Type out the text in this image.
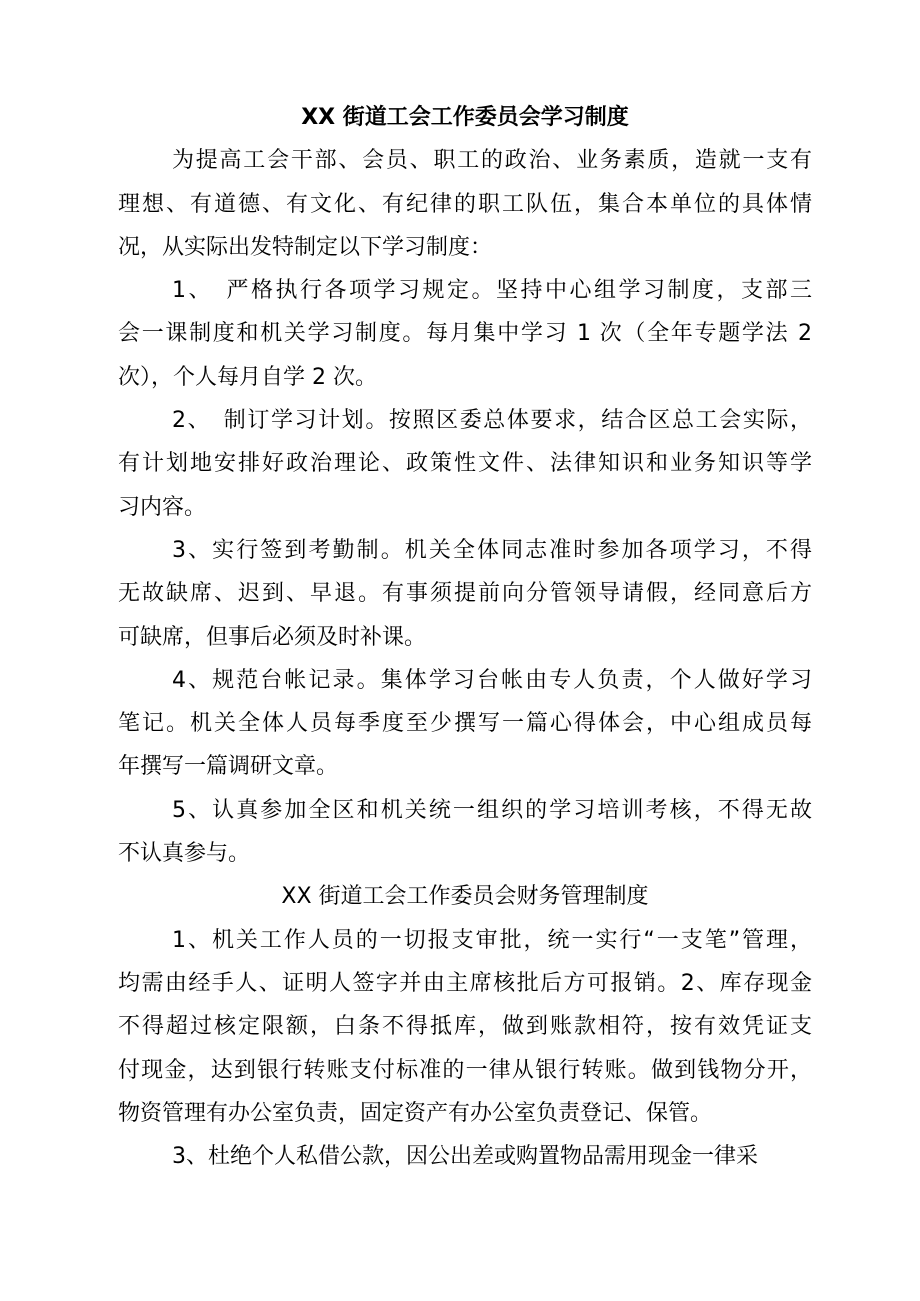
XX 街道工会工作委员会学习制度
为提高工会干部、会员、职工的政治、业务素质，造就一支有
理想、有道德、有文化、有纪律的职工队伍，集合本单位的具体情
况，从实际出发特制定以下学习制度：
1、　严格执行各项学习规定。坚持中心组学习制度，支部三
会一课制度和机关学习制度。每月集中学习 1 次（全年专题学法 2
次），个人每月自学 2 次。
2、　制订学习计划。按照区委总体要求，结合区总工会实际，
有计划地安排好政治理论、政策性文件、法律知识和业务知识等学
习内容。
3、实行签到考勤制。机关全体同志准时参加各项学习，不得
无故缺席、迟到、早退。有事须提前向分管领导请假，经同意后方
可缺席，但事后必须及时补课。
4、规范台帐记录。集体学习台帐由专人负责，个人做好学习
笔记。机关全体人员每季度至少撰写一篇心得体会，中心组成员每
年撰写一篇调研文章。
5、认真参加全区和机关统一组织的学习培训考核，不得无故
不认真参与。
XX 街道工会工作委员会财务管理制度
1、机关工作人员的一切报支审批，统一实行“一支笔”管理，
均需由经手人、证明人签字并由主席核批后方可报销。2、库存现金
不得超过核定限额，白条不得抵库，做到账款相符，按有效凭证支
付现金，达到银行转账支付标准的一律从银行转账。做到钱物分开，
物资管理有办公室负责，固定资产有办公室负责登记、保管。
3、杜绝个人私借公款，因公出差或购置物品需用现金一律采
